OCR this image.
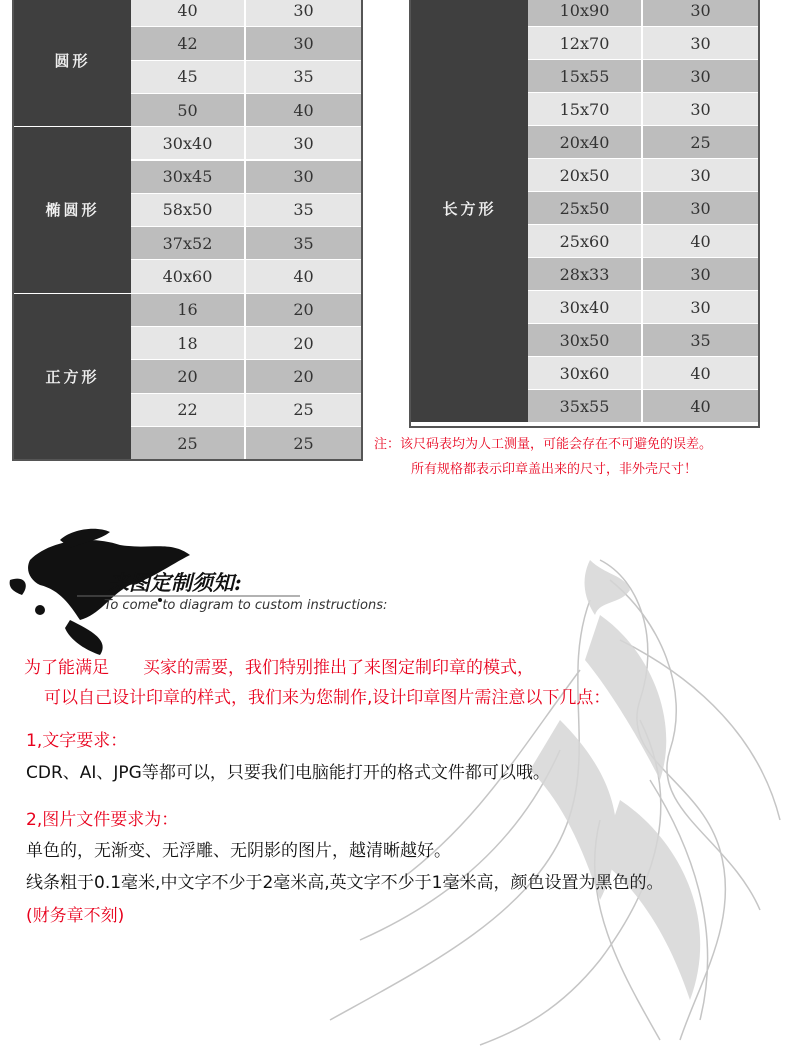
圆形
40	30
42	30
45	35
50	40
椭圆形
30x40	30
30x45	30
58x50	35
37x52	35
40x60	40
正方形
16	20
18	20
20	20
22	25
25	25
长方形
10x90	30
12x70	30
15x55	30
15x70	30
20x40	25
20x50	30
25x50	30
25x60	40
28x33	30
30x40	30
30x50	35
30x60	40
35x55	40
注：该尺码表均为人工测量，可能会存在不可避免的误差。
所有规格都表示印章盖出来的尺寸，非外壳尺寸！
来图定制须知:
To come to diagram to custom instructions:
为了能满足　　买家的需要，我们特别推出了来图定制印章的模式，
可以自己设计印章的样式，我们来为您制作,设计印章图片需注意以下几点：
1,文字要求：
CDR、AI、JPG等都可以，只要我们电脑能打开的格式文件都可以哦。
2,图片文件要求为：
单色的，无渐变、无浮雕、无阴影的图片，越清晰越好。
线条粗于0.1毫米,中文字不少于2毫米高,英文字不少于1毫米高，颜色设置为黑色的。
(财务章不刻)
